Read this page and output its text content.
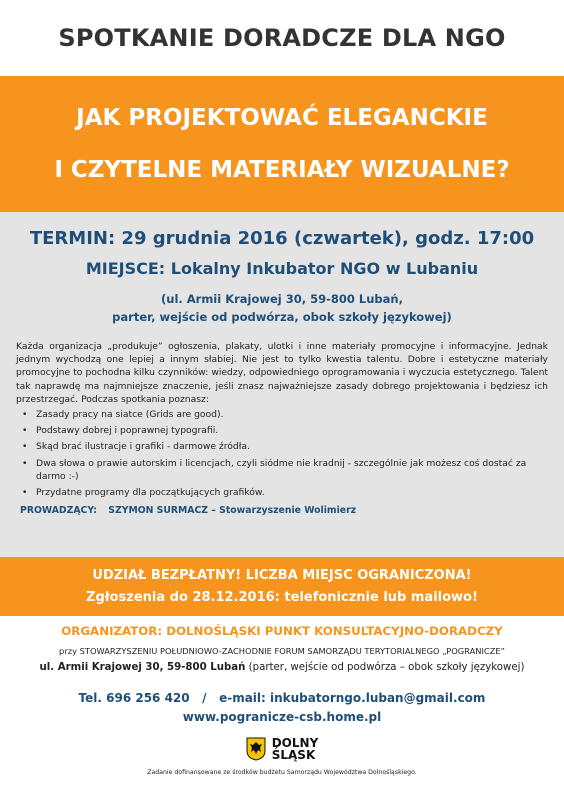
SPOTKANIE DORADCZE DLA NGO
JAK PROJEKTOWAĆ ELEGANCKIE
I CZYTELNE MATERIAŁY WIZUALNE?
TERMIN: 29 grudnia 2016 (czwartek), godz. 17:00
MIEJSCE: Lokalny Inkubator NGO w Lubaniu
(ul. Armii Krajowej 30, 59-800 Lubań,
parter, wejście od podwórza, obok szkoły językowej)
Każda organizacja „produkuje” ogłoszenia, plakaty, ulotki i inne materiały promocyjne i informacyjne. Jednak jednym wychodzą one lepiej a innym słabiej. Nie jest to tylko kwestia talentu. Dobre i estetyczne materiały promocyjne to pochodna kilku czynników: wiedzy, odpowiedniego oprogramowania i wyczucia estetycznego. Talent tak naprawdę ma najmniejsze znaczenie, jeśli znasz najważniejsze zasady dobrego projektowania i będziesz ich przestrzegać. Podczas spotkania poznasz:
• Zasady pracy na siatce (Grids are good).
• Podstawy dobrej i poprawnej typografii.
• Skąd brać ilustracje i grafiki - darmowe źródła.
• Dwa słowa o prawie autorskim i licencjach, czyli siódme nie kradnij - szczególnie jak możesz coś dostać za darmo :-)
• Przydatne programy dla początkujących grafików.
PROWADZĄCY: SZYMON SURMACZ – Stowarzyszenie Wolimierz
UDZIAŁ BEZPŁATNY! LICZBA MIEJSC OGRANICZONA!
Zgłoszenia do 28.12.2016: telefonicznie lub mailowo!
ORGANIZATOR: DOLNOŚLĄSKI PUNKT KONSULTACYJNO-DORADCZY
przy STOWARZYSZENIU POŁUDNIOWO-ZACHODNIE FORUM SAMORZĄDU TERYTORIALNEGO „POGRANICZE”
ul. Armii Krajowej 30, 59-800 Lubań (parter, wejście od podwórza – obok szkoły językowej)
Tel. 696 256 420   /   e-mail: inkubatorngo.luban@gmail.com
www.pogranicze-csb.home.pl
DOLNY
ŚLĄSK
Zadanie dofinansowane ze środków budżetu Samorządu Województwa Dolnośląskiego.
